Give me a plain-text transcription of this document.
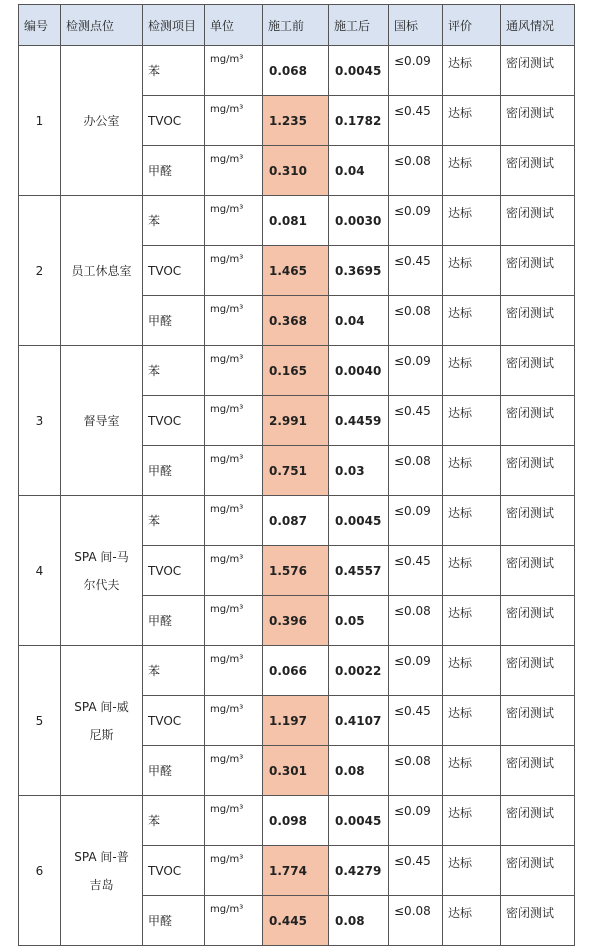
编号	检测点位	检测项目	单位	施工前	施工后	国标	评价	通风情况
1	办公室	苯	mg/m³	0.068	0.0045	≤0.09	达标	密闭测试
		TVOC	mg/m³	1.235	0.1782	≤0.45	达标	密闭测试
		甲醛	mg/m³	0.310	0.04	≤0.08	达标	密闭测试
2	员工休息室	苯	mg/m³	0.081	0.0030	≤0.09	达标	密闭测试
		TVOC	mg/m³	1.465	0.3695	≤0.45	达标	密闭测试
		甲醛	mg/m³	0.368	0.04	≤0.08	达标	密闭测试
3	督导室	苯	mg/m³	0.165	0.0040	≤0.09	达标	密闭测试
		TVOC	mg/m³	2.991	0.4459	≤0.45	达标	密闭测试
		甲醛	mg/m³	0.751	0.03	≤0.08	达标	密闭测试
4	SPA 间-马尔代夫	苯	mg/m³	0.087	0.0045	≤0.09	达标	密闭测试
		TVOC	mg/m³	1.576	0.4557	≤0.45	达标	密闭测试
		甲醛	mg/m³	0.396	0.05	≤0.08	达标	密闭测试
5	SPA 间-威尼斯	苯	mg/m³	0.066	0.0022	≤0.09	达标	密闭测试
		TVOC	mg/m³	1.197	0.4107	≤0.45	达标	密闭测试
		甲醛	mg/m³	0.301	0.08	≤0.08	达标	密闭测试
6	SPA 间-普吉岛	苯	mg/m³	0.098	0.0045	≤0.09	达标	密闭测试
		TVOC	mg/m³	1.774	0.4279	≤0.45	达标	密闭测试
		甲醛	mg/m³	0.445	0.08	≤0.08	达标	密闭测试
